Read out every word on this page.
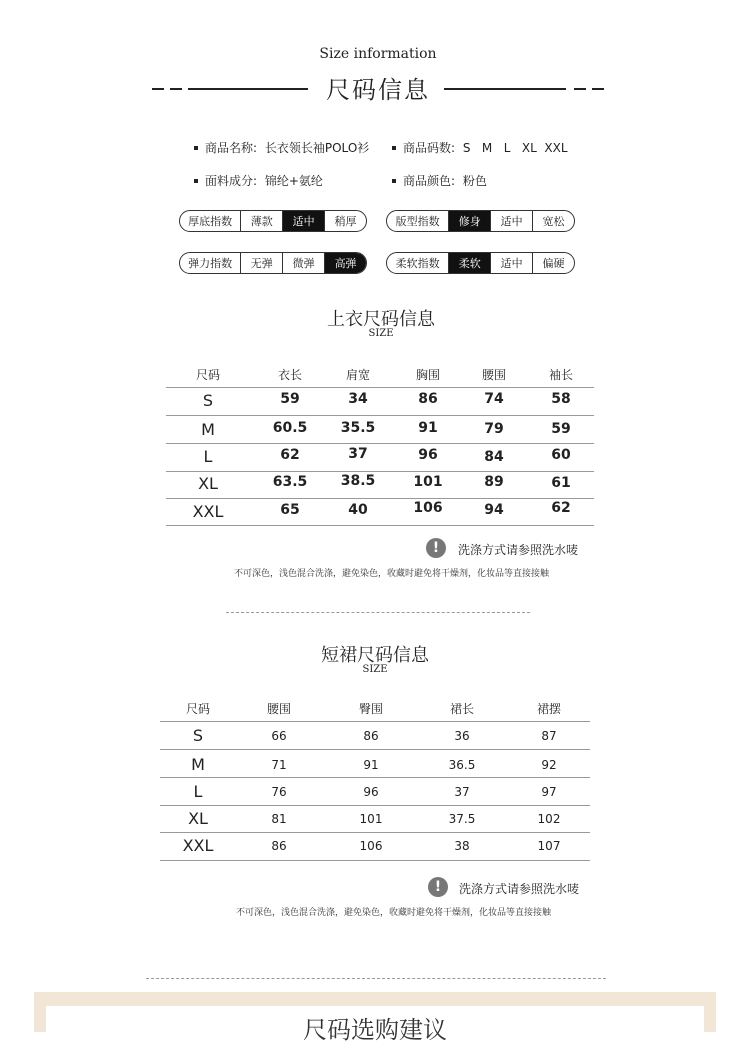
Size information
尺码信息
商品名称: 长衣领长袖POLO衫	商品码数: S   M   L   XL  XXL
面料成分: 锦纶+氨纶	商品颜色: 粉色
厚底指数	薄款	适中	稍厚	版型指数	修身	适中	宽松
弹力指数	无弹	微弹	高弹	柔软指数	柔软	适中	偏硬
上衣尺码信息
SIZE
尺码	衣长	肩宽	胸围	腰围	袖长
S	59	34	86	74	58
M	60.5	35.5	91	79	59
L	62	37	96	84	60
XL	63.5	38.5	101	89	61
XXL	65	40	106	94	62
!	洗涤方式请参照洗水唛
不可深色，浅色混合洗涤，避免染色，收藏时避免将干燥剂，化妆品等直接接触
短裙尺码信息
SIZE
尺码	腰围	臀围	裙长	裙摆
S	66	86	36	87
M	71	91	36.5	92
L	76	96	37	97
XL	81	101	37.5	102
XXL	86	106	38	107
!	洗涤方式请参照洗水唛
不可深色，浅色混合洗涤，避免染色，收藏时避免将干燥剂，化妆品等直接接触
尺码选购建议
